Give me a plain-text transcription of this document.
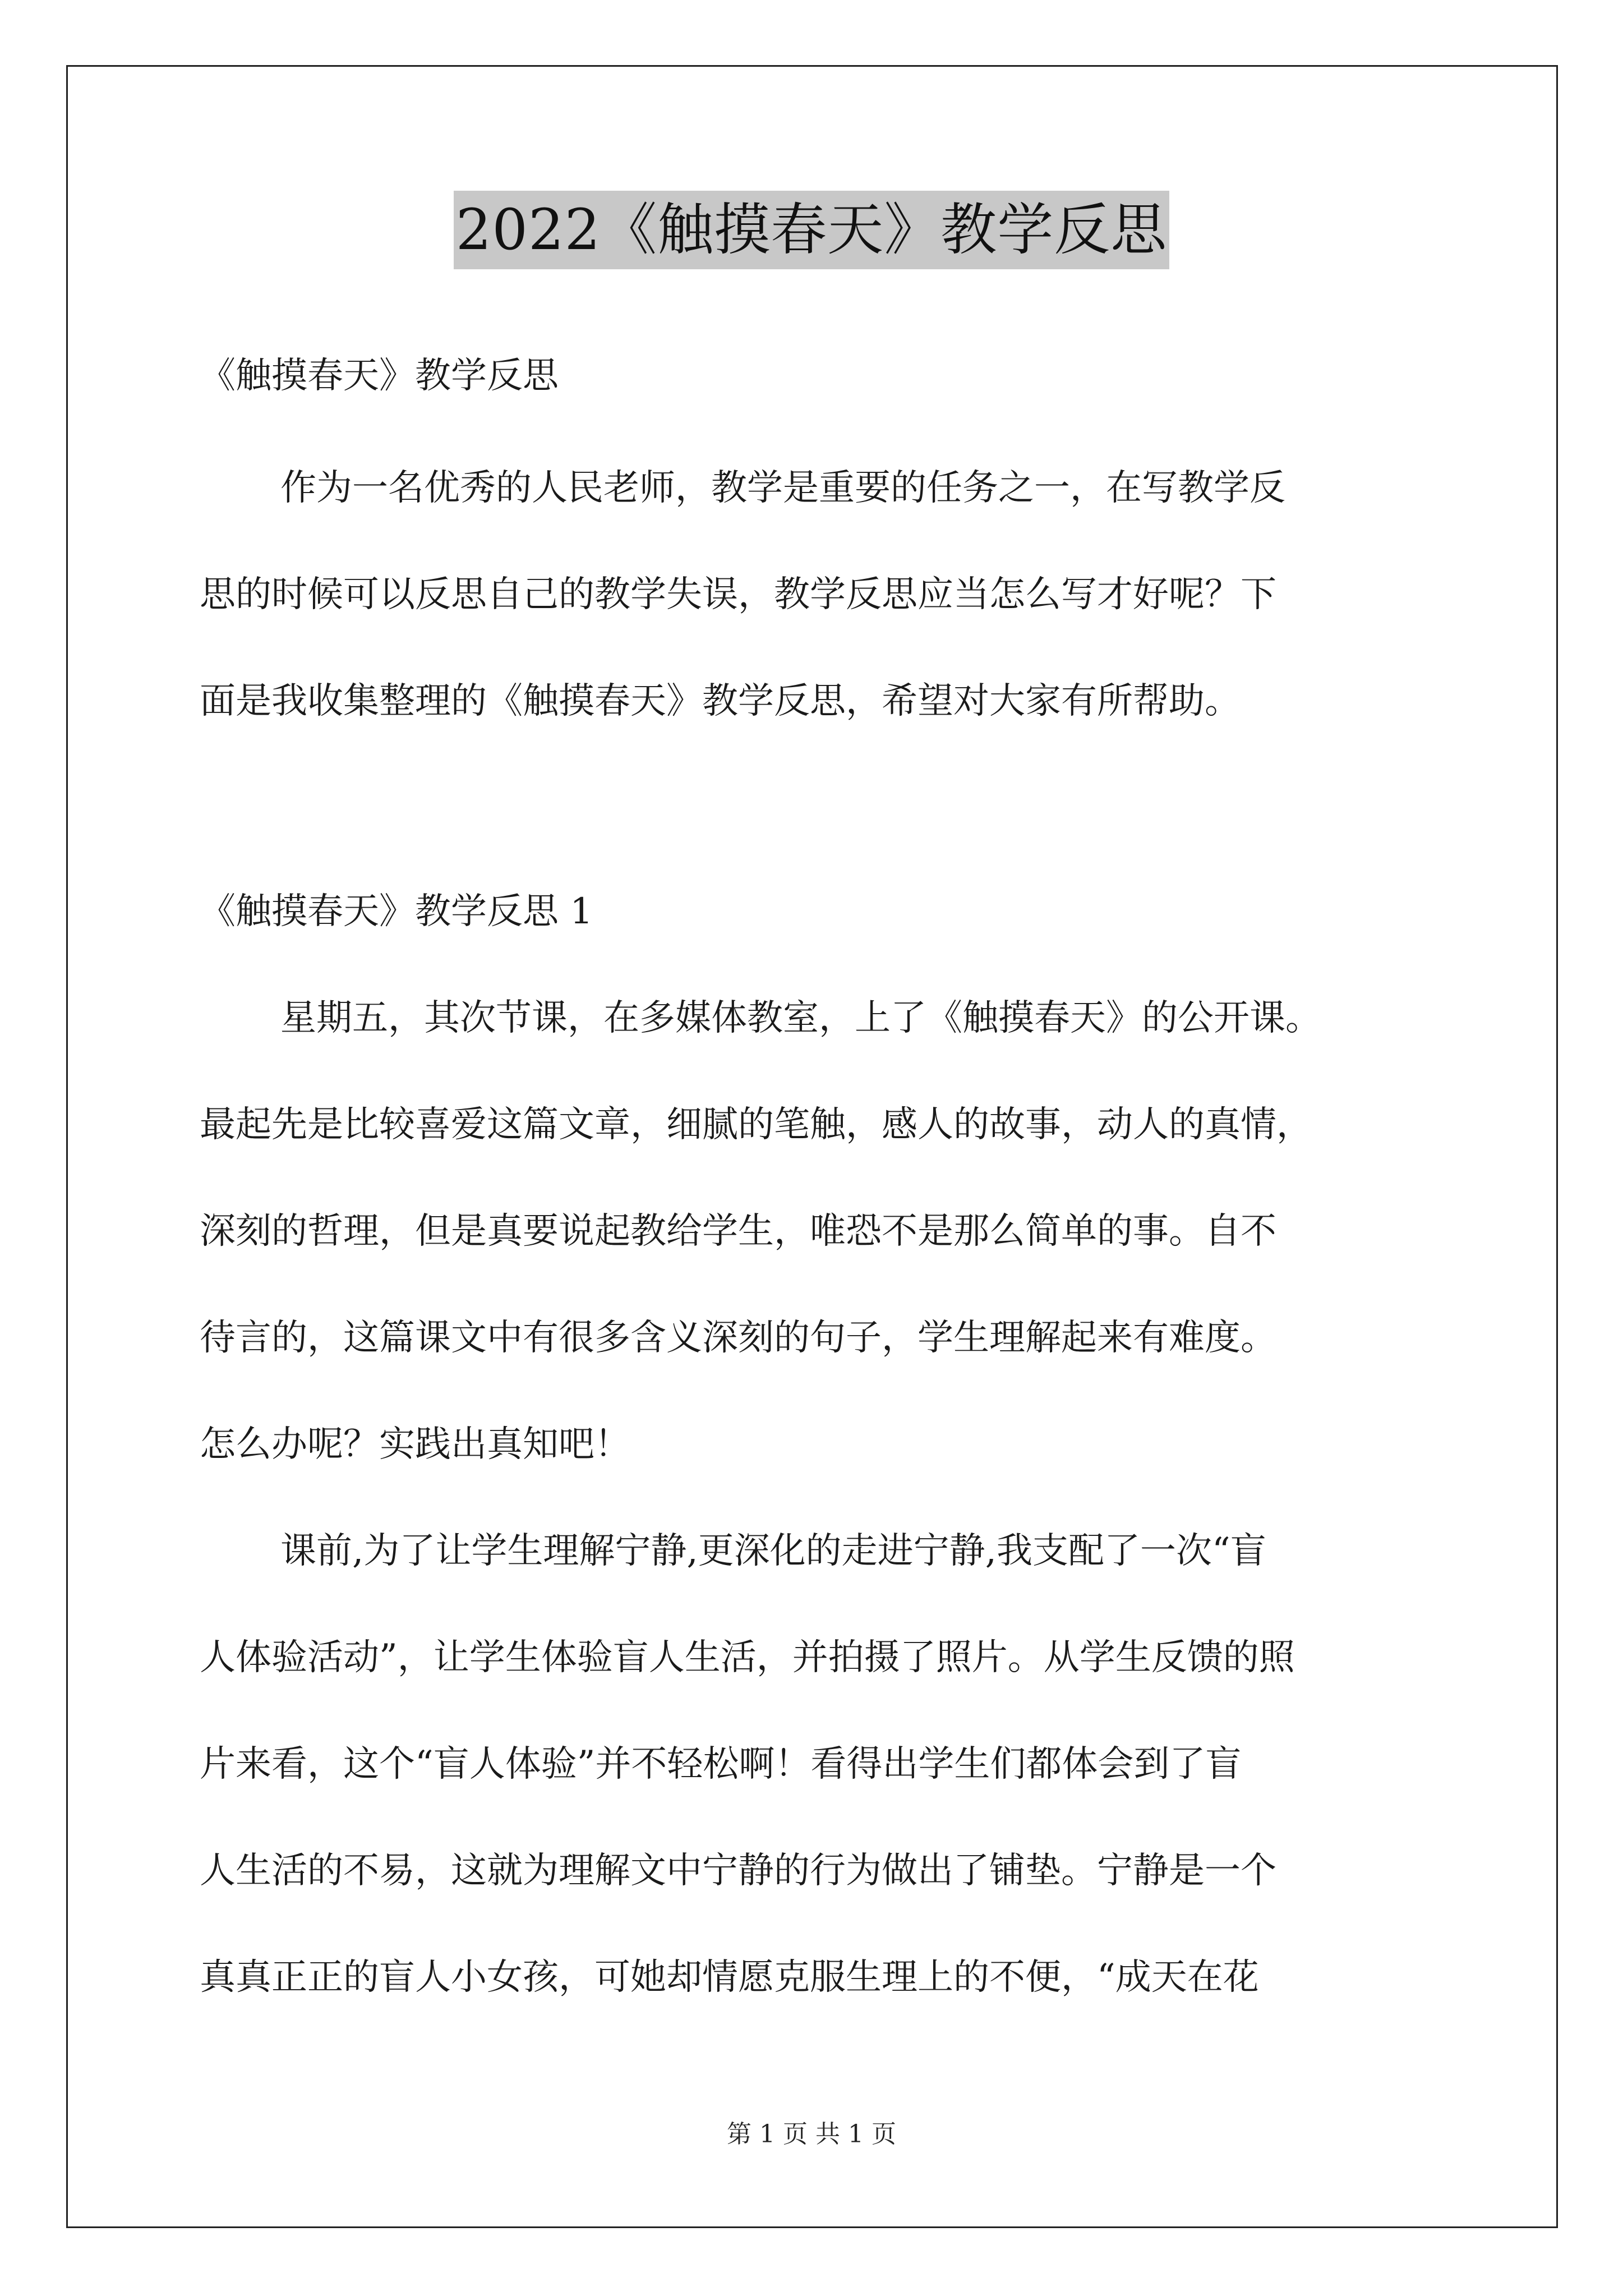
2022《触摸春天》教学反思
《触摸春天》教学反思
作为一名优秀的人民老师，教学是重要的任务之一，在写教学反
思的时候可以反思自己的教学失误，教学反思应当怎么写才好呢？下
面是我收集整理的《触摸春天》教学反思，希望对大家有所帮助。
《触摸春天》教学反思 1
星期五，其次节课，在多媒体教室，上了《触摸春天》的公开课。
最起先是比较喜爱这篇文章，细腻的笔触，感人的故事，动人的真情，
深刻的哲理，但是真要说起教给学生，唯恐不是那么简单的事。自不
待言的，这篇课文中有很多含义深刻的句子，学生理解起来有难度。
怎么办呢？实践出真知吧！
课前,为了让学生理解宁静,更深化的走进宁静,我支配了一次“盲
人体验活动”，让学生体验盲人生活，并拍摄了照片。从学生反馈的照
片来看，这个“盲人体验”并不轻松啊！看得出学生们都体会到了盲
人生活的不易，这就为理解文中宁静的行为做出了铺垫。宁静是一个
真真正正的盲人小女孩，可她却情愿克服生理上的不便，“成天在花
第 1 页 共 1 页
